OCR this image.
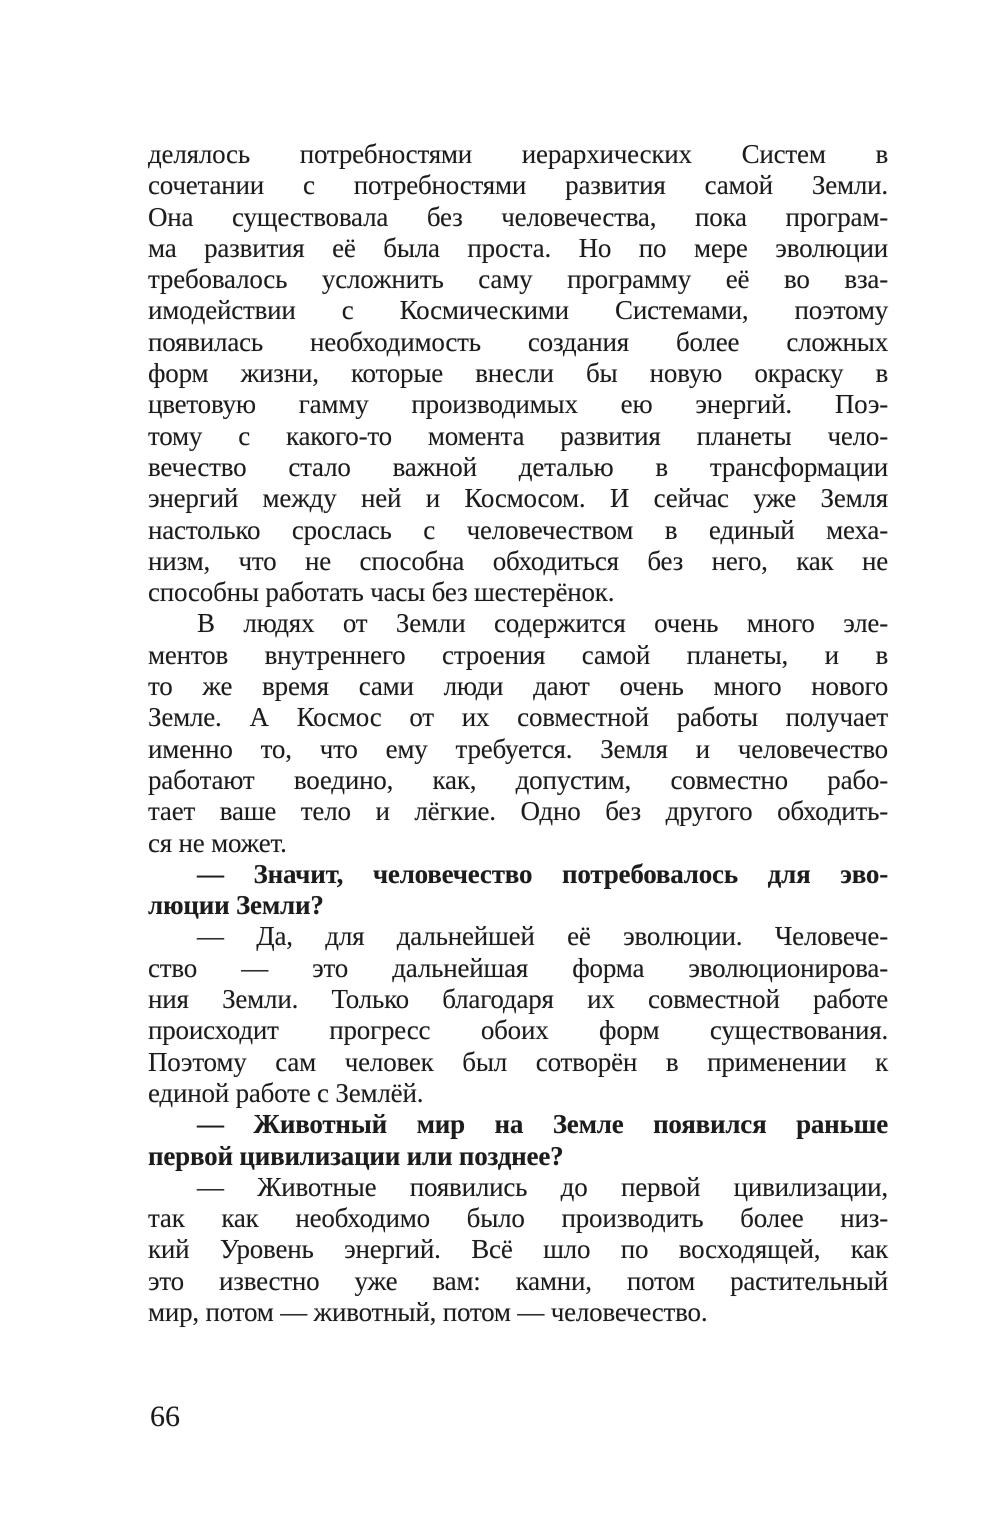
делялось потребностями иерархических Систем в
сочетании с потребностями развития самой Земли.
Она существовала без человечества, пока програм-
ма развития её была проста. Но по мере эволюции
требовалось усложнить саму программу её во вза-
имодействии с Космическими Системами, поэтому
появилась необходимость создания более сложных
форм жизни, которые внесли бы новую окраску в
цветовую гамму производимых ею энергий. Поэ-
тому с какого-то момента развития планеты чело-
вечество стало важной деталью в трансформации
энергий между ней и Космосом. И сейчас уже Земля
настолько срослась с человечеством в единый меха-
низм, что не способна обходиться без него, как не
способны работать часы без шестерёнок.
В людях от Земли содержится очень много эле-
ментов внутреннего строения самой планеты, и в
то же время сами люди дают очень много нового
Земле. А Космос от их совместной работы получает
именно то, что ему требуется. Земля и человечество
работают воедино, как, допустим, совместно рабо-
тает ваше тело и лёгкие. Одно без другого обходить-
ся не может.
— Значит, человечество потребовалось для эво-
люции Земли?
— Да, для дальнейшей её эволюции. Человече-
ство — это дальнейшая форма эволюционирова-
ния Земли. Только благодаря их совместной работе
происходит прогресс обоих форм существования.
Поэтому сам человек был сотворён в применении к
единой работе с Землёй.
— Животный мир на Земле появился раньше
первой цивилизации или позднее?
— Животные появились до первой цивилизации,
так как необходимо было производить более низ-
кий Уровень энергий. Всё шло по восходящей, как
это известно уже вам: камни, потом растительный
мир, потом — животный, потом — человечество.
66
